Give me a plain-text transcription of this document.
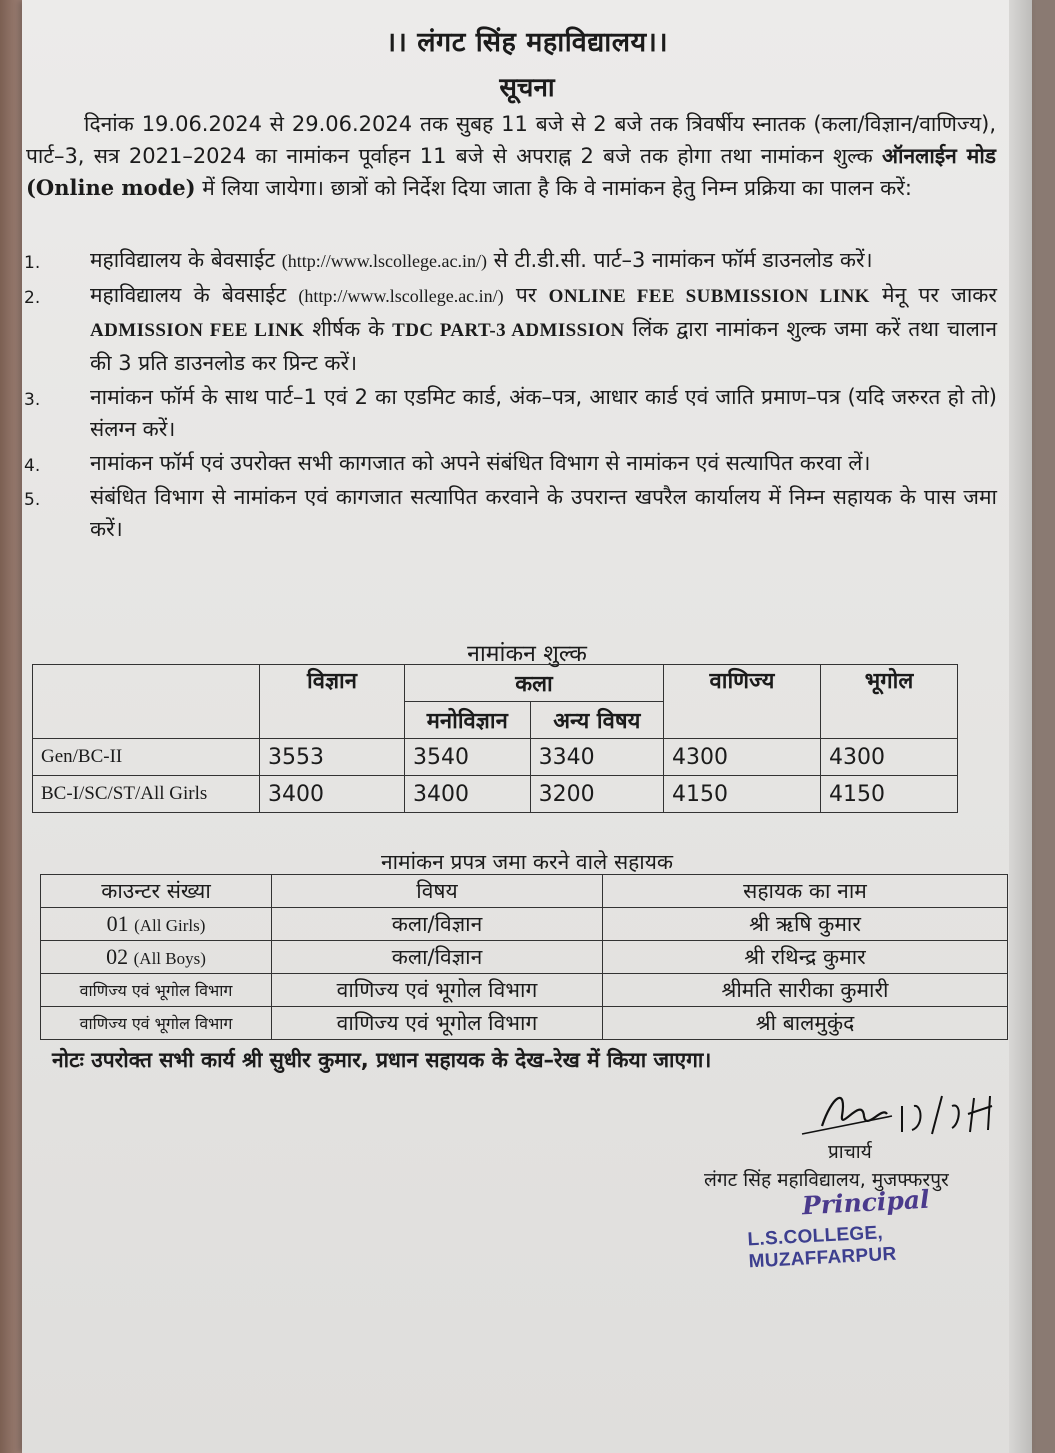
।। लंगट सिंह महाविद्यालय।।
सूचना
दिनांक 19.06.2024 से 29.06.2024 तक सुबह 11 बजे से 2 बजे तक त्रिवर्षीय स्नातक (कला/विज्ञान/वाणिज्य), पार्ट–3, सत्र 2021–2024 का नामांकन पूर्वाहन 11 बजे से अपराह्न 2 बजे तक होगा तथा नामांकन शुल्क ऑनलाईन मोड (Online mode) में लिया जायेगा। छात्रों को निर्देश दिया जाता है कि वे नामांकन हेतु निम्न प्रक्रिया का पालन करें:
1. महाविद्यालय के बेवसाईट (http://www.lscollege.ac.in/) से टी.डी.सी. पार्ट–3 नामांकन फॉर्म डाउनलोड करें।
2. महाविद्यालय के बेवसाईट (http://www.lscollege.ac.in/) पर ONLINE FEE SUBMISSION LINK मेनू पर जाकर ADMISSION FEE LINK शीर्षक के TDC PART-3 ADMISSION लिंक द्वारा नामांकन शुल्क जमा करें तथा चालान की 3 प्रति डाउनलोड कर प्रिन्ट करें।
3. नामांकन फॉर्म के साथ पार्ट–1 एवं 2 का एडमिट कार्ड, अंक–पत्र, आधार कार्ड एवं जाति प्रमाण–पत्र (यदि जरुरत हो तो) संलग्न करें।
4. नामांकन फॉर्म एवं उपरोक्त सभी कागजात को अपने संबंधित विभाग से नामांकन एवं सत्यापित करवा लें।
5. संबंधित विभाग से नामांकन एवं कागजात सत्यापित करवाने के उपरान्त खपरैल कार्यालय में निम्न सहायक के पास जमा करें।
नामांकन शुल्क
	विज्ञान	कला		वाणिज्य	भूगोल
		मनोविज्ञान	अन्य विषय		
Gen/BC-II	3553	3540	3340	4300	4300
BC-I/SC/ST/All Girls	3400	3400	3200	4150	4150
नामांकन प्रपत्र जमा करने वाले सहायक
काउन्टर संख्या	विषय	सहायक का नाम
01 (All Girls)	कला/विज्ञान	श्री ऋषि कुमार
02 (All Boys)	कला/विज्ञान	श्री रथिन्द्र कुमार
वाणिज्य एवं भूगोल विभाग	वाणिज्य एवं भूगोल विभाग	श्रीमति सारीका कुमारी
वाणिज्य एवं भूगोल विभाग	वाणिज्य एवं भूगोल विभाग	श्री बालमुकुंद
नोटः उपरोक्त सभी कार्य श्री सुधीर कुमार, प्रधान सहायक के देख–रेख में किया जाएगा।
प्राचार्य
लंगट सिंह महाविद्यालय, मुजफ्फरपुर
Principal
L.S.COLLEGE, MUZAFFARPUR
